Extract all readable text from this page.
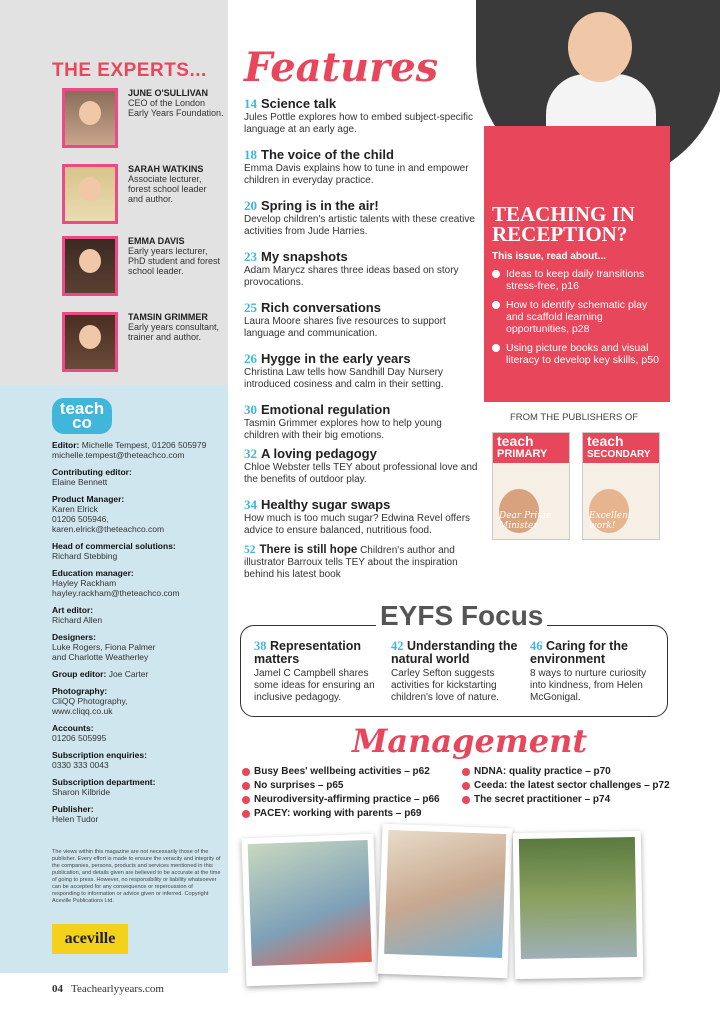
THE EXPERTS...
JUNE O'SULLIVAN
CEO of the London Early Years Foundation.
SARAH WATKINS
Associate lecturer, forest school leader and author.
EMMA DAVIS
Early years lecturer, PhD student and forest school leader.
TAMSIN GRIMMER
Early years consultant, trainer and author.
teach
co
Editor: Michelle Tempest, 01206 505979
michelle.tempest@theteachco.com
Contributing editor:
Elaine Bennett
Product Manager:
Karen Elrick
01206 505946,
karen.elrick@theteachco.com
Head of commercial solutions:
Richard Stebbing
Education manager:
Hayley Rackham
hayley.rackham@theteachco.com
Art editor:
Richard Allen
Designers:
Luke Rogers, Fiona Palmer
and Charlotte Weatherley
Group editor: Joe Carter
Photography:
CliQQ Photography,
www.cliqq.co.uk
Accounts:
01206 505995
Subscription enquiries:
0330 333 0043
Subscription department:
Sharon Kilbride
Publisher:
Helen Tudor
The views within this magazine are not necessarily those of the publisher. Every effort is made to ensure the veracity and integrity of the companies, persons, products and services mentioned in this publication, and details given are believed to be accurate at the time of going to press. However, no responsibility or liability whatsoever can be accepted for any consequence or repercussion of responding to information or advice given or inferred. Copyright Aceville Publications Ltd.
aceville
04 Teachearlyyears.com
Features
14 Science talk
Jules Pottle explores how to embed subject-specific language at an early age.
18 The voice of the child
Emma Davis explains how to tune in and empower children in everyday practice.
20 Spring is in the air!
Develop children's artistic talents with these creative activities from Jude Harries.
23 My snapshots
Adam Marycz shares three ideas based on story provocations.
25 Rich conversations
Laura Moore shares five resources to support language and communication.
26 Hygge in the early years
Christina Law tells how Sandhill Day Nursery introduced cosiness and calm in their setting.
30 Emotional regulation
Tasmin Grimmer explores how to help young children with their big emotions.
32 A loving pedagogy
Chloe Webster tells TEY about professional love and the benefits of outdoor play.
34 Healthy sugar swaps
How much is too much sugar? Edwina Revel offers advice to ensure balanced, nutritious food.
52 There is still hope Children's author and illustrator Barroux tells TEY about the inspiration behind his latest book
TEACHING IN
RECEPTION?
This issue, read about...
Ideas to keep daily transitions stress-free, p16
How to identify schematic play and scaffold learning opportunities, p28
Using picture books and visual literacy to develop key skills, p50
FROM THE PUBLISHERS OF
teach
PRIMARY
Dear Prime Minister
teach
SECONDARY
Excellent work!
EYFS Focus
38 Representation matters
Jamel C Campbell shares some ideas for ensuring an inclusive pedagogy.
42 Understanding the natural world
Carley Sefton suggests activities for kickstarting children's love of nature.
46 Caring for the environment
8 ways to nurture curiosity into kindness, from Helen McGonigal.
Management
Busy Bees' wellbeing activities – p62
No surprises – p65
Neurodiversity-affirming practice – p66
PACEY: working with parents – p69
NDNA: quality practice – p70
Ceeda: the latest sector challenges – p72
The secret practitioner – p74
